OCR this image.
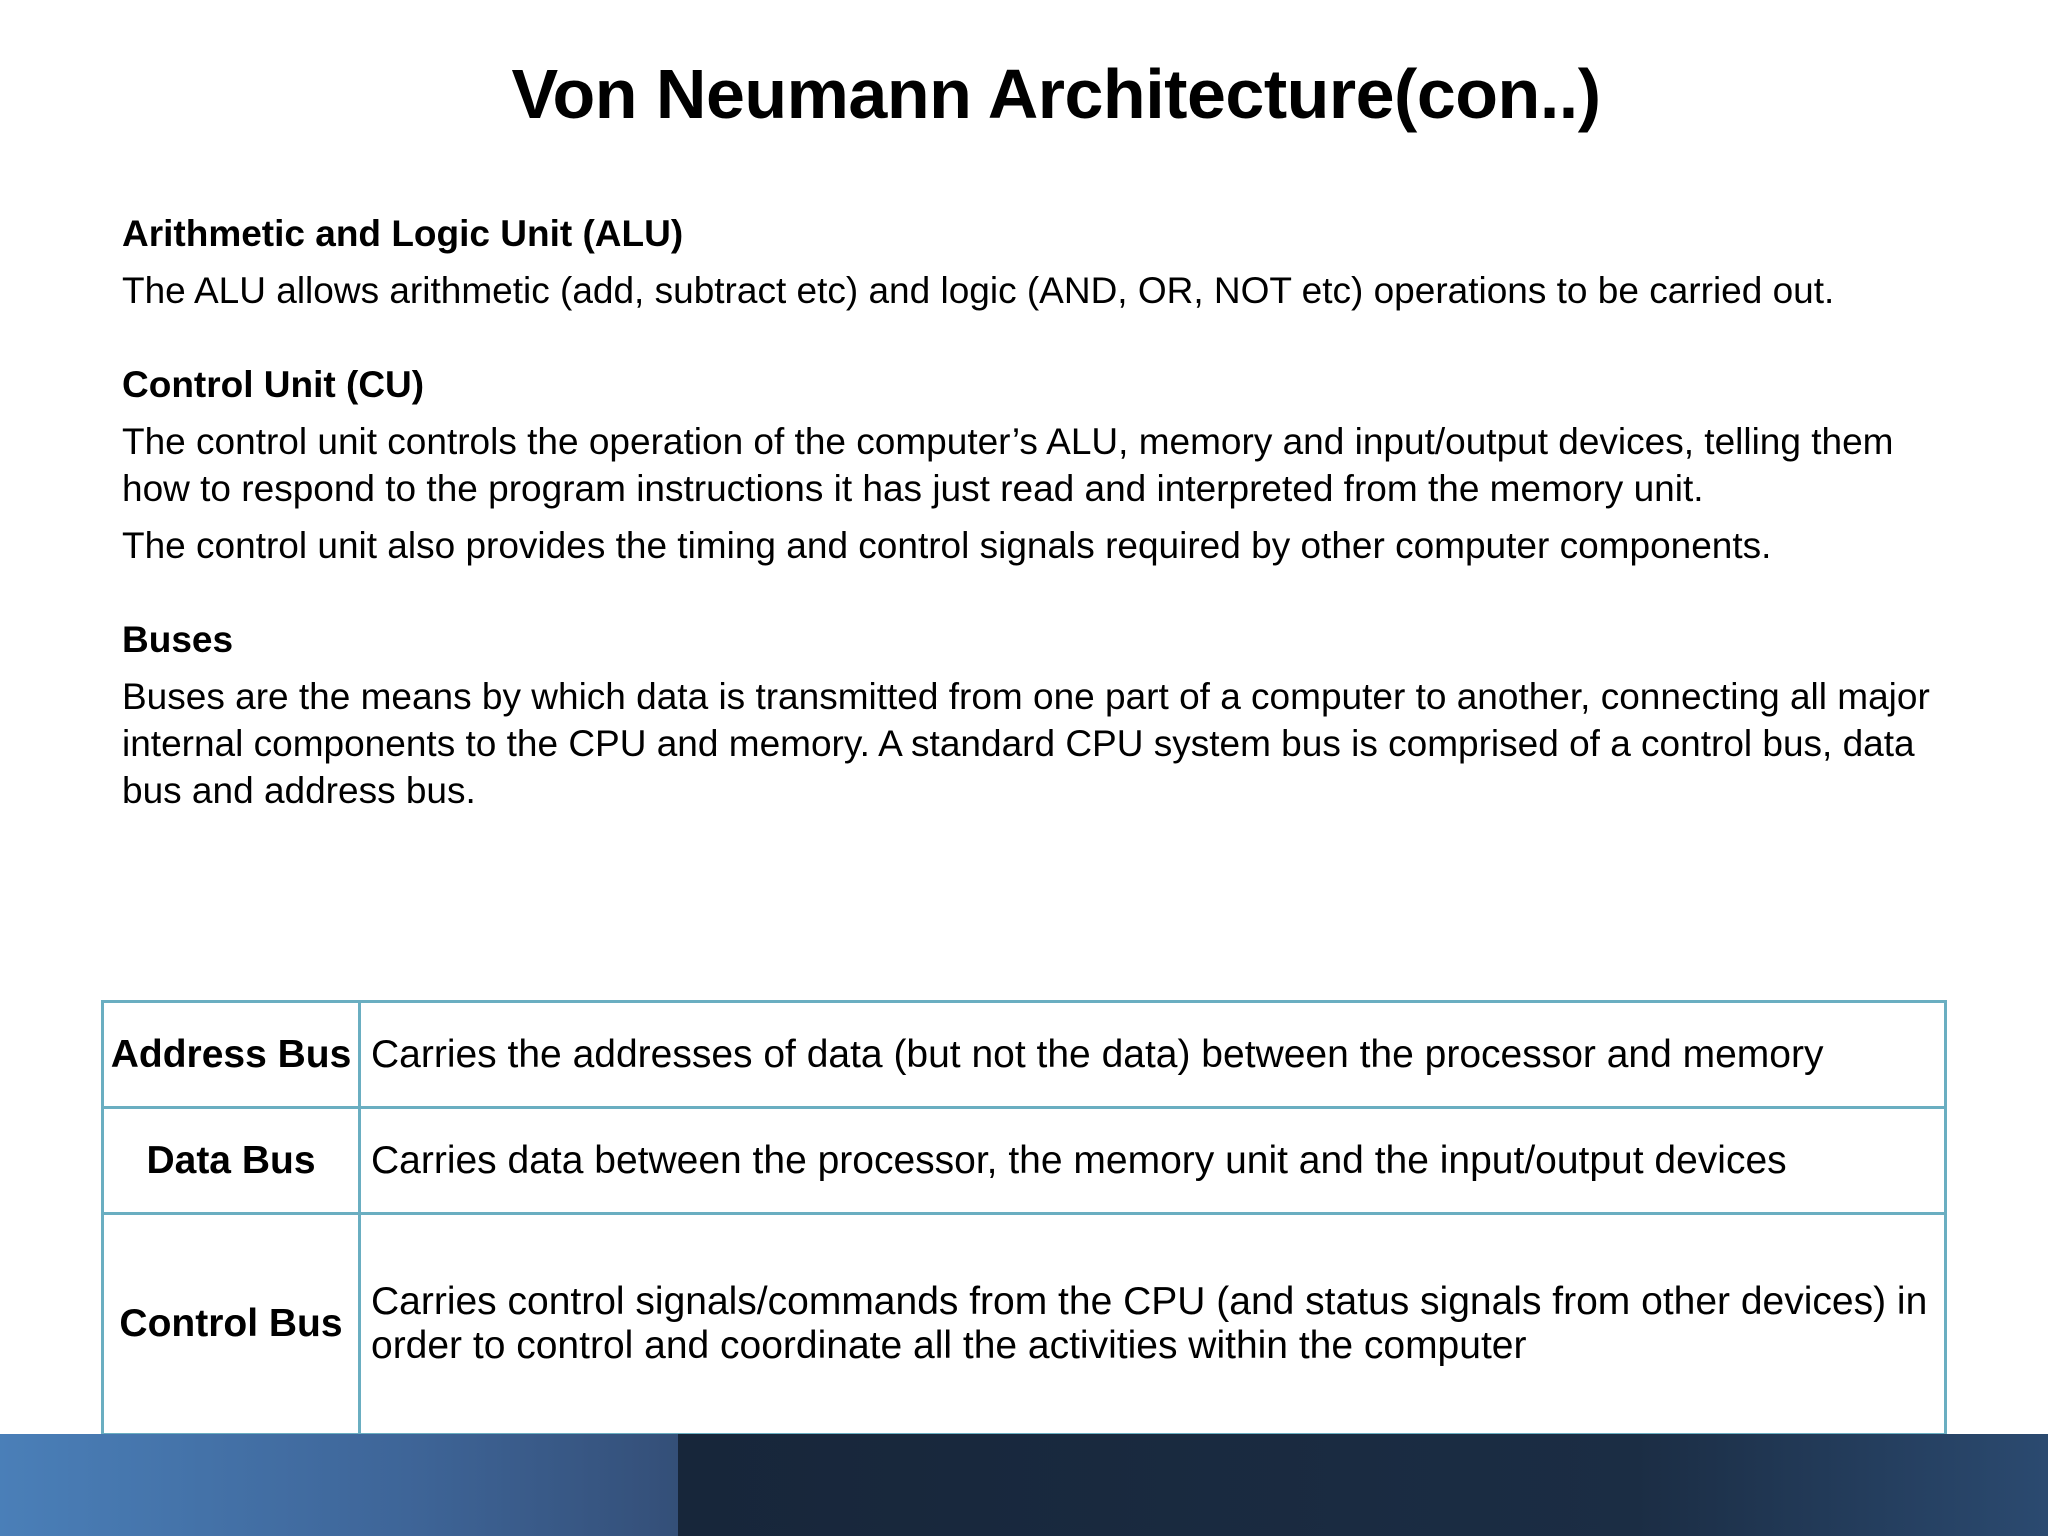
Von Neumann Architecture(con..)

Arithmetic and Logic Unit (ALU)

The ALU allows arithmetic (add, subtract etc) and logic (AND, OR, NOT etc) operations to be carried out.

Control Unit (CU)

The control unit controls the operation of the computer’s ALU, memory and input/output devices, telling them how to respond to the program instructions it has just read and interpreted from the memory unit.

The control unit also provides the timing and control signals required by other computer components.

Buses

Buses are the means by which data is transmitted from one part of a computer to another, connecting all major internal components to the CPU and memory. A standard CPU system bus is comprised of a control bus, data bus and address bus.

Address Bus	Carries the addresses of data (but not the data) between the processor and memory
Data Bus	Carries data between the processor, the memory unit and the input/output devices
Control Bus	Carries control signals/commands from the CPU (and status signals from other devices) in order to control and coordinate all the activities within the computer
